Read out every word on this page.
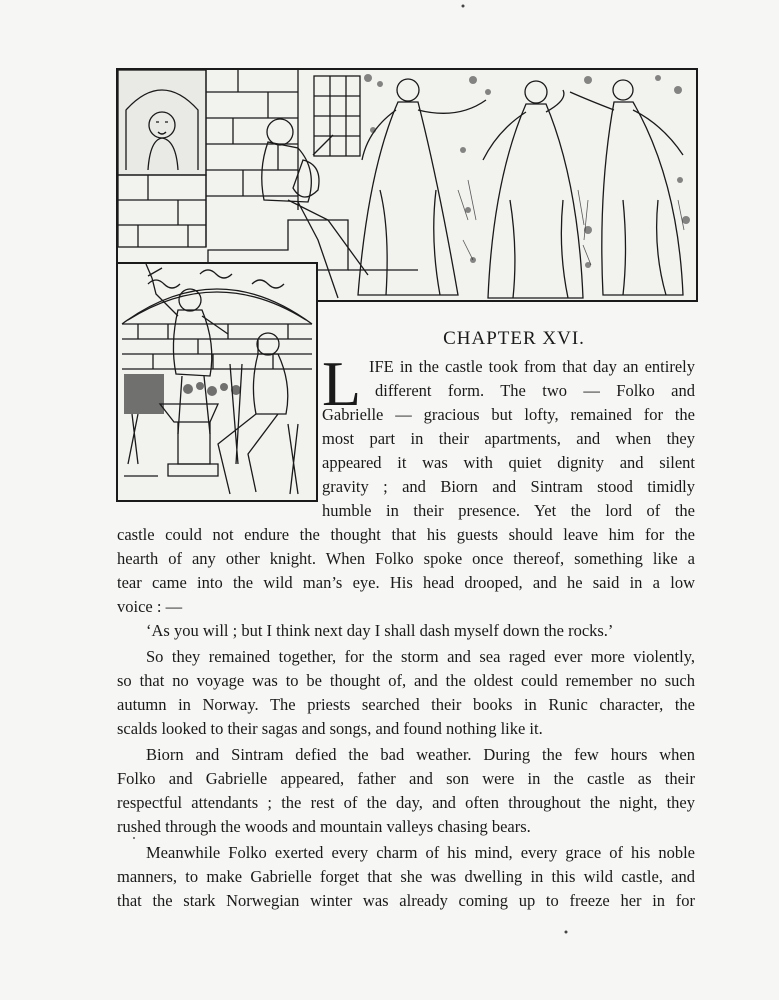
CHAPTER XVI.
L IFE in the castle took from that day an entirely

different form. The two — Folko and

Gabrielle — gracious but lofty, remained for the

most part in their apartments, and when they

appeared it was with quiet dignity and silent

gravity ; and Biorn and Sintram stood timidly

humble in their presence. Yet the lord of the

castle could not endure the thought that his guests should leave him for the

hearth of any other knight. When Folko spoke once thereof, something like a

tear came into the wild man’s eye. His head drooped, and he said in a low

voice : —

‘As you will ; but I think next day I shall dash myself down the rocks.’

So they remained together, for the storm and sea raged ever more violently,

so that no voyage was to be thought of, and the oldest could remember no such

autumn in Norway. The priests searched their books in Runic character, the

scalds looked to their sagas and songs, and found nothing like it.

Biorn and Sintram defied the bad weather. During the few hours when

Folko and Gabrielle appeared, father and son were in the castle as their

respectful attendants ; the rest of the day, and often throughout the night, they

rushed through the woods and mountain valleys chasing bears.

Meanwhile Folko exerted every charm of his mind, every grace of his noble

manners, to make Gabrielle forget that she was dwelling in this wild castle, and

that the stark Norwegian winter was already coming up to freeze her in for
